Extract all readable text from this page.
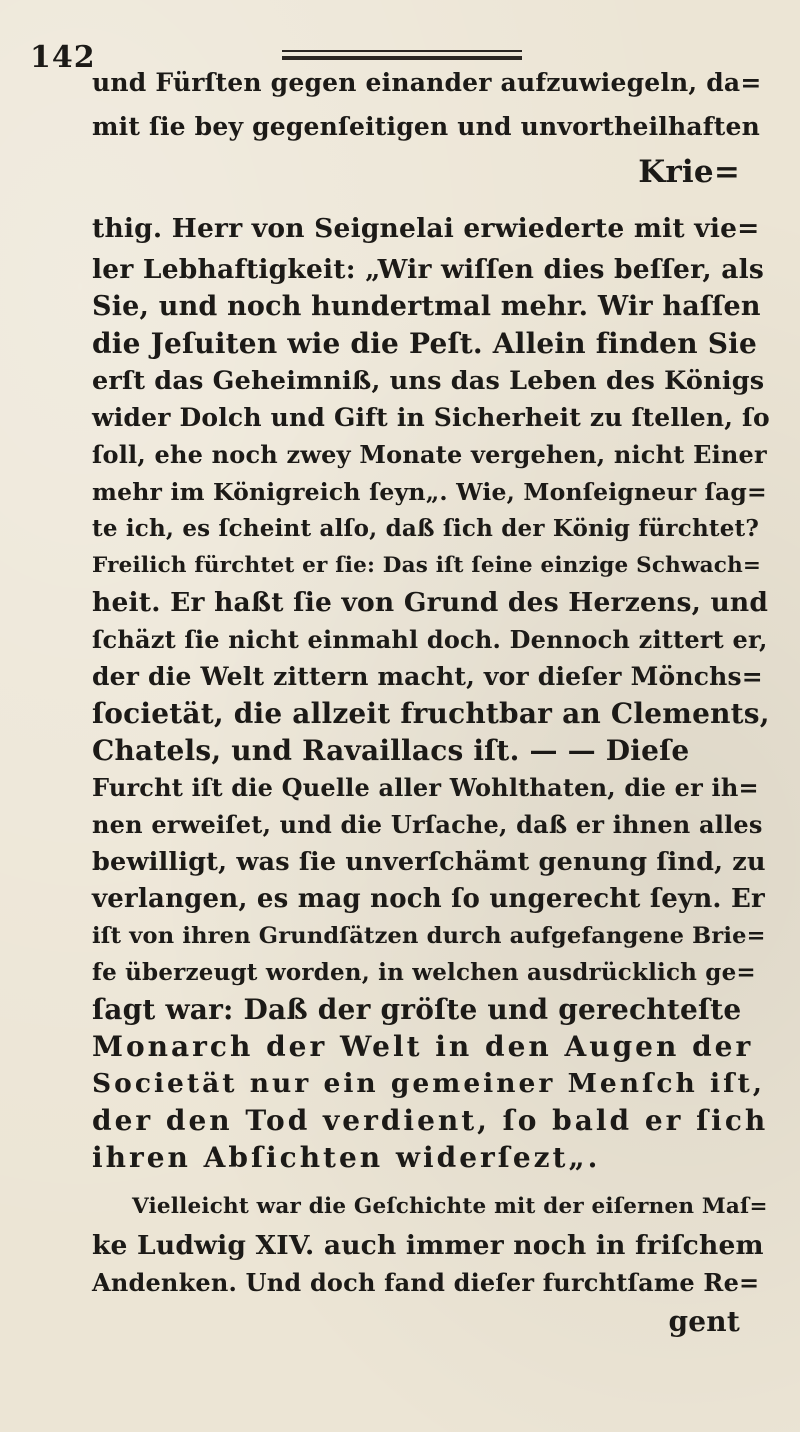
142
und Fürſten gegen einander aufzuwiegeln, da=
mit ſie bey gegenſeitigen und unvortheilhaften
Krie=
thig. Herr von Seignelai erwiederte mit vie=
ler Lebhaftigkeit: „Wir wiſſen dies beſſer, als
Sie, und noch hundertmal mehr. Wir haſſen
die Jeſuiten wie die Peſt. Allein finden Sie
erſt das Geheimniß, uns das Leben des Königs
wider Dolch und Gift in Sicherheit zu ſtellen, ſo
ſoll, ehe noch zwey Monate vergehen, nicht Einer
mehr im Königreich ſeyn„. Wie, Monſeigneur ſag=
te ich, es ſcheint alſo, daß ſich der König fürchtet?
Freilich fürchtet er ſie: Das iſt ſeine einzige Schwach=
heit. Er haßt ſie von Grund des Herzens, und
ſchäzt ſie nicht einmahl doch. Dennoch zittert er,
der die Welt zittern macht, vor dieſer Mönchs=
ſocietät, die allzeit fruchtbar an Clements,
Chatels, und Ravaillacs iſt. — — Dieſe
Furcht iſt die Quelle aller Wohlthaten, die er ih=
nen erweiſet, und die Urſache, daß er ihnen alles
bewilligt, was ſie unverſchämt genung ſind, zu
verlangen, es mag noch ſo ungerecht ſeyn. Er
iſt von ihren Grundſätzen durch aufgefangene Brie=
fe überzeugt worden, in welchen ausdrücklich ge=
ſagt war: Daß der gröſte und gerechteſte
Monarch der Welt in den Augen der
Societät nur ein gemeiner Menſch iſt,
der den Tod verdient, ſo bald er ſich
ihren Abſichten widerſezt„.
Vielleicht war die Geſchichte mit der eiſernen Maſ=
ke Ludwig XIV. auch immer noch in friſchem
Andenken. Und doch fand dieſer furchtſame Re=
gent
